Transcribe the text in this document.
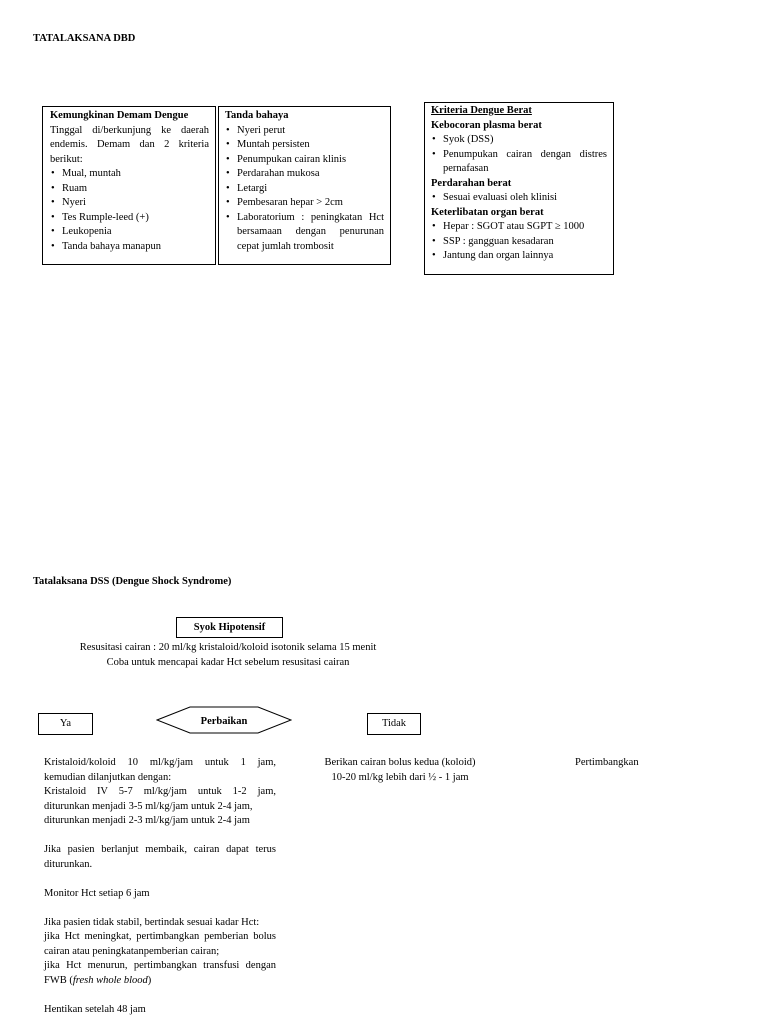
TATALAKSANA DBD
Kemungkinan Demam Dengue
Tinggal di/berkunjung ke daerah endemis. Demam dan 2 kriteria berikut:
• Mual, muntah
• Ruam
• Nyeri
• Tes Rumple-leed (+)
• Leukopenia
• Tanda bahaya manapun
Tanda bahaya
• Nyeri perut
• Muntah persisten
• Penumpukan cairan klinis
• Perdarahan mukosa
• Letargi
• Pembesaran hepar > 2cm
• Laboratorium : peningkatan Hct bersamaan dengan penurunan cepat jumlah trombosit
Kriteria Dengue Berat
Kebocoran plasma berat
• Syok (DSS)
• Penumpukan cairan dengan distres pernafasan
Perdarahan berat
• Sesuai evaluasi oleh klinisi
Keterlibatan organ berat
• Hepar : SGOT atau SGPT ≥ 1000
• SSP : gangguan kesadaran
• Jantung dan organ lainnya
Tatalaksana DSS (Dengue Shock Syndrome)
Syok Hipotensif
Resusitasi cairan : 20 ml/kg kristaloid/koloid isotonik selama 15 menit
Coba untuk mencapai kadar Hct sebelum resusitasi cairan
Ya	Perbaikan	Tidak
Kristaloid/koloid 10 ml/kg/jam untuk 1 jam,
kemudian dilanjutkan dengan:
Kristaloid IV 5-7 ml/kg/jam untuk 1-2 jam,
diturunkan menjadi 3-5 ml/kg/jam untuk 2-4 jam,
diturunkan menjadi 2-3 ml/kg/jam untuk 2-4 jam
Jika pasien berlanjut membaik, cairan dapat terus diturunkan.
Monitor Hct setiap 6 jam
Jika pasien tidak stabil, bertindak sesuai kadar Hct:
jika Hct meningkat, pertimbangkan pemberian bolus cairan atau peningkatanpemberian cairan;
jika Hct menurun, pertimbangkan transfusi dengan FWB (fresh whole blood)
Hentikan setelah 48 jam
Berikan cairan bolus kedua (koloid)
10-20 ml/kg lebih dari ½ - 1 jam
Pertimbangkan
